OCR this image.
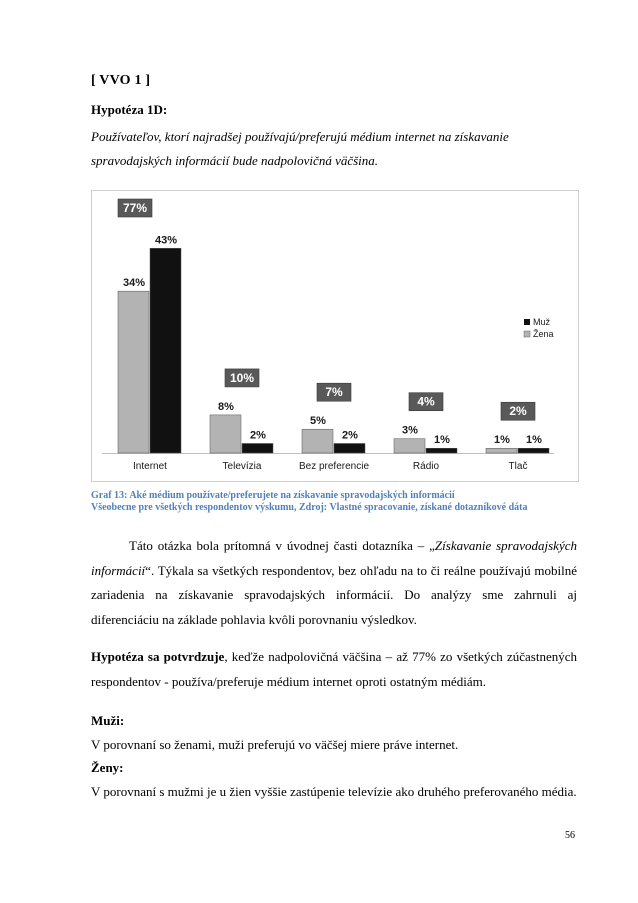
[ VVO 1 ]
Hypotéza 1D:
Používateľov, ktorí najradšej používajú/preferujú médium internet na získavanie spravodajských informácií bude nadpolovičná väčšina.
34%
43%
77%
Internet
8%
2%
10%
Televízia
5%
2%
7%
Bez preferencie
3%
1%
4%
Rádio
1% 1%
2%
Tlač
Muž
Žena
Graf 13: Aké médium používate/preferujete na získavanie spravodajských informácií
Všeobecne pre všetkých respondentov výskumu, Zdroj: Vlastné spracovanie, získané dotazníkové dáta
Táto otázka bola prítomná v úvodnej časti dotazníka – „Získavanie spravodajských informácií“. Týkala sa všetkých respondentov, bez ohľadu na to či reálne používajú mobilné zariadenia na získavanie spravodajských informácií. Do analýzy sme zahrnuli aj diferenciáciu na základe pohlavia kvôli porovnaniu výsledkov.
Hypotéza sa potvrdzuje, keďže nadpolovičná väčšina – až 77% zo všetkých zúčastnených respondentov - používa/preferuje médium internet oproti ostatným médiám.
Muži:
V porovnaní so ženami, muži preferujú vo väčšej miere práve internet.
Ženy:
V porovnaní s mužmi je u žien vyššie zastúpenie televízie ako druhého preferovaného média.
56
